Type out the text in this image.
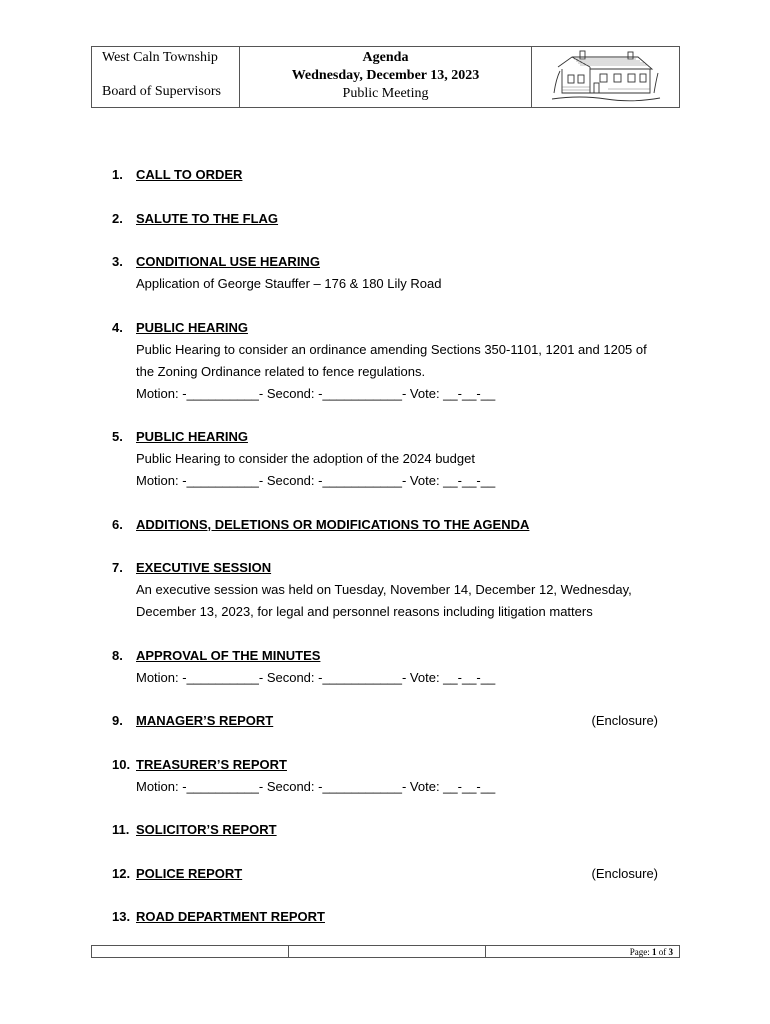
West Caln Township
Board of Supervisors
Agenda
Wednesday, December 13, 2023
Public Meeting
1. CALL TO ORDER
2. SALUTE TO THE FLAG
3. CONDITIONAL USE HEARING
Application of George Stauffer – 176 & 180 Lily Road
4. PUBLIC HEARING
Public Hearing to consider an ordinance amending Sections 350-1101, 1201 and 1205 of
the Zoning Ordinance related to fence regulations.
Motion: -__________- Second: -___________- Vote: __-__-__
5. PUBLIC HEARING
Public Hearing to consider the adoption of the 2024 budget
Motion: -__________- Second: -___________- Vote: __-__-__
6. ADDITIONS, DELETIONS OR MODIFICATIONS TO THE AGENDA
7. EXECUTIVE SESSION
An executive session was held on Tuesday, November 14, December 12, Wednesday,
December 13, 2023, for legal and personnel reasons including litigation matters
8. APPROVAL OF THE MINUTES
Motion: -__________- Second: -___________- Vote: __-__-__
9. MANAGER’S REPORT	(Enclosure)
10. TREASURER’S REPORT
Motion: -__________- Second: -___________- Vote: __-__-__
11. SOLICITOR’S REPORT
12. POLICE REPORT	(Enclosure)
13. ROAD DEPARTMENT REPORT
Page: 1 of 3
